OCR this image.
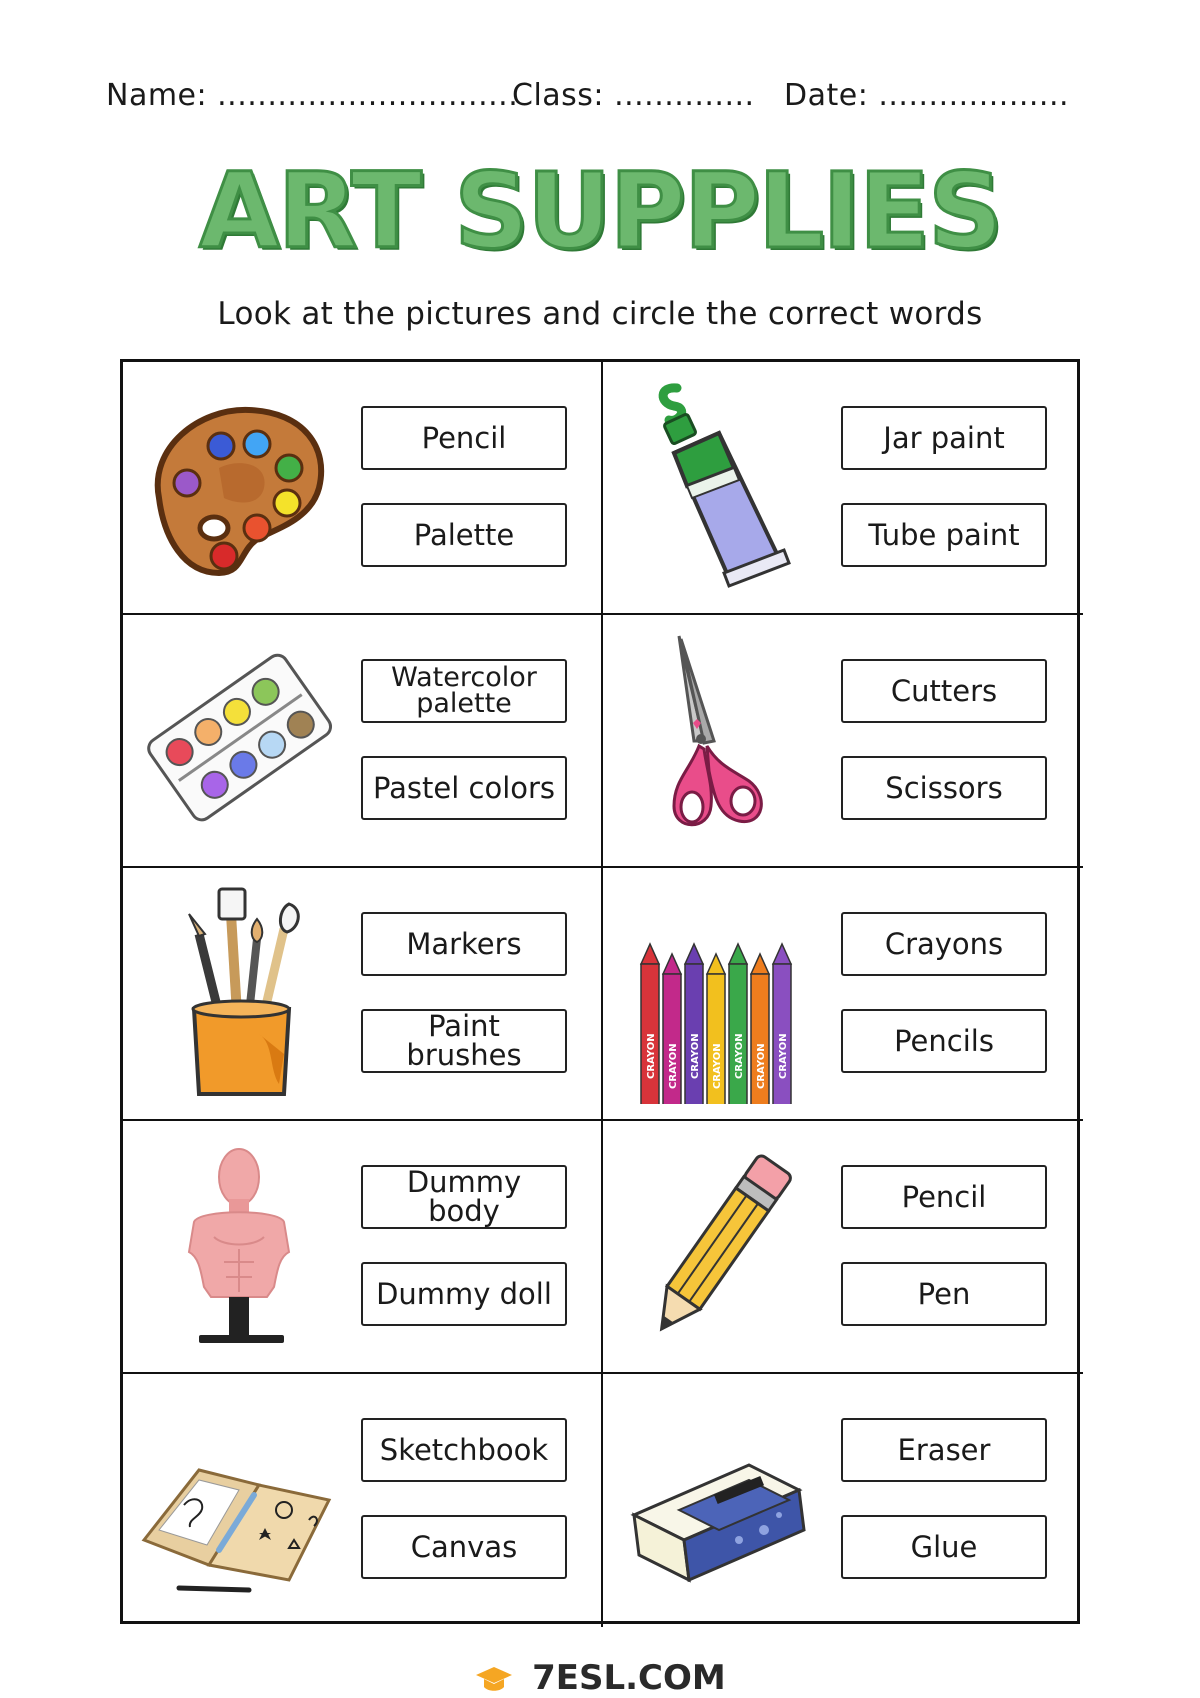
Name: ..............................
Class: .............. Date: ...................
ART SUPPLIES
Look at the pictures and circle the correct words
Pencil
Palette
Jar paint
Tube paint
Watercolor palette
Pastel colors
Cutters
Scissors
Markers
Paint brushes	CRAYON CRAYON CRAYON CRAYON CRAYON CRAYON CRAYON
Crayons
Pencils
Dummy body
Dummy doll
Pencil
Pen
Sketchbook
Canvas
Eraser
Glue
7ESL.COM
